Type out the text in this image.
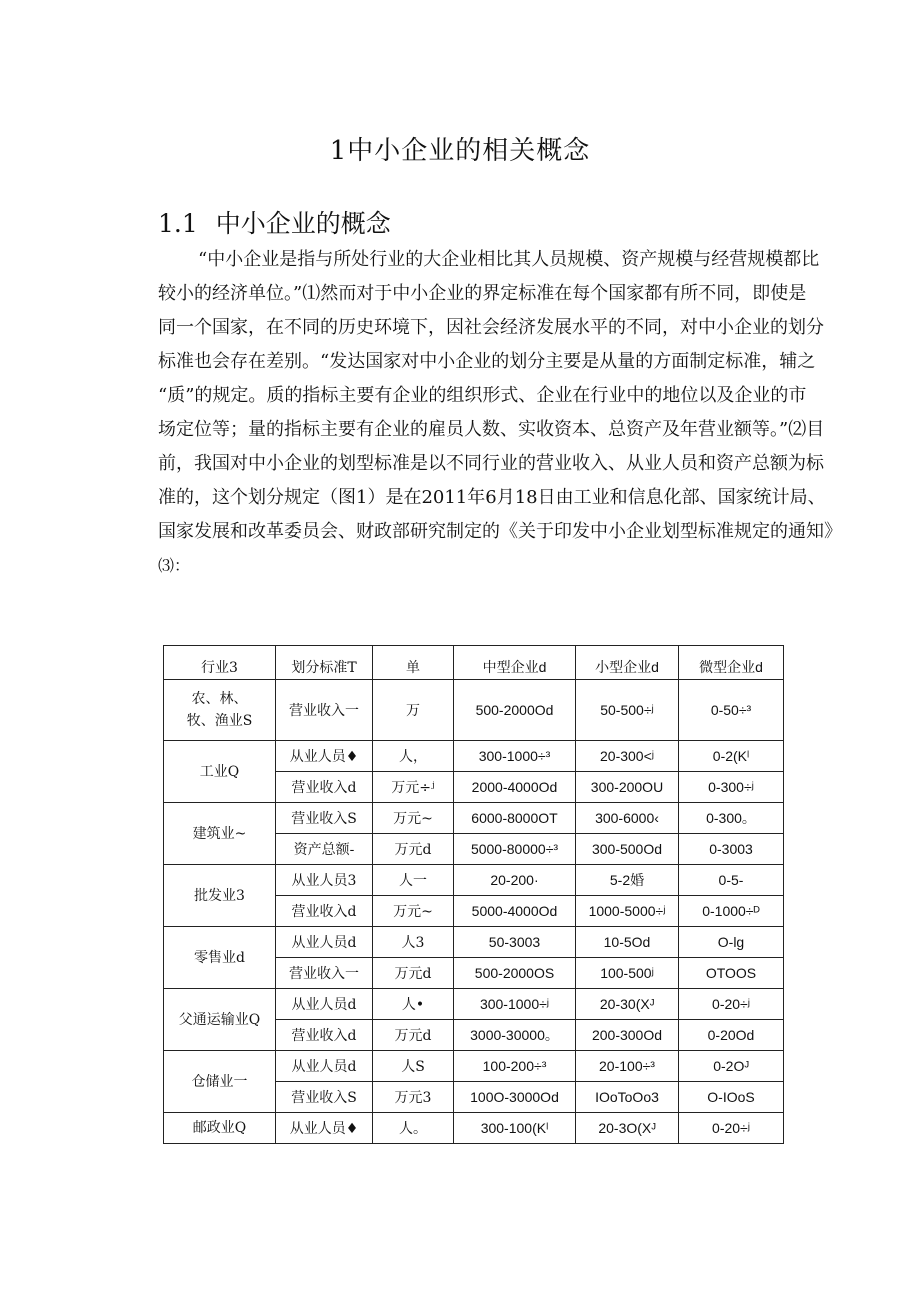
1中小企业的相关概念
1.1 中小企业的概念
“中小企业是指与所处行业的大企业相比其人员规模、资产规模与经营规模都比
较小的经济单位。”⑴然而对于中小企业的界定标准在每个国家都有所不同，即使是
同一个国家，在不同的历史环境下，因社会经济发展水平的不同，对中小企业的划分
标准也会存在差别。“发达国家对中小企业的划分主要是从量的方面制定标准，辅之
“质”的规定。质的指标主要有企业的组织形式、企业在行业中的地位以及企业的市
场定位等；量的指标主要有企业的雇员人数、实收资本、总资产及年营业额等。”⑵目
前，我国对中小企业的划型标准是以不同行业的营业收入、从业人员和资产总额为标
准的，这个划分规定（图1）是在2011年6月18日由工业和信息化部、国家统计局、
国家发展和改革委员会、财政部研究制定的《关于印发中小企业划型标准规定的通知》
⑶：
行业3	划分标准T	单	中型企业d	小型企业d	微型企业d

农、林、
牧、渔业S	营业收入一	万	500-2000Od	50-500÷ʲ	0-50÷³

工业Q	从业人员♦	人，	300-1000÷³	20-300<ʲ	0-2(Kˡ
	营业收入d	万元÷ʲ	2000-4000Od	300-200OU	0-300÷ʲ

建筑业~	营业收入S	万元~	6000-8000OT	300-6000‹	0-300。
	资产总额-	万元d	5000-80000÷³	300-500Od	0-3003

批发业3	从业人员3	人一	20-200·	5-2婚	0-5-
	营业收入d	万元~	5000-4000Od	1000-5000÷ʲ	0-1000÷ᴰ

零售业d	从业人员d	人3	50-3003	10-5Od	O-lg
	营业收入一	万元d	500-2000OS	100-500ʲ	OTOOS

父通运输业Q	从业人员d	人•	300-1000÷ʲ	20-30(Xᴶ	0-20÷ʲ
	营业收入d	万元d	3000-30000。	200-300Od	0-20Od

仓储业一	从业人员d	人S	100-200÷³	20-100÷³	0-2Oᴶ
	营业收入S	万元3	100O-3000Od	IOoToOo3	O-IOoS

邮政业Q	从业人员♦	人。	300-100(Kˡ	20-3O(Xᴶ	0-20÷ʲ
